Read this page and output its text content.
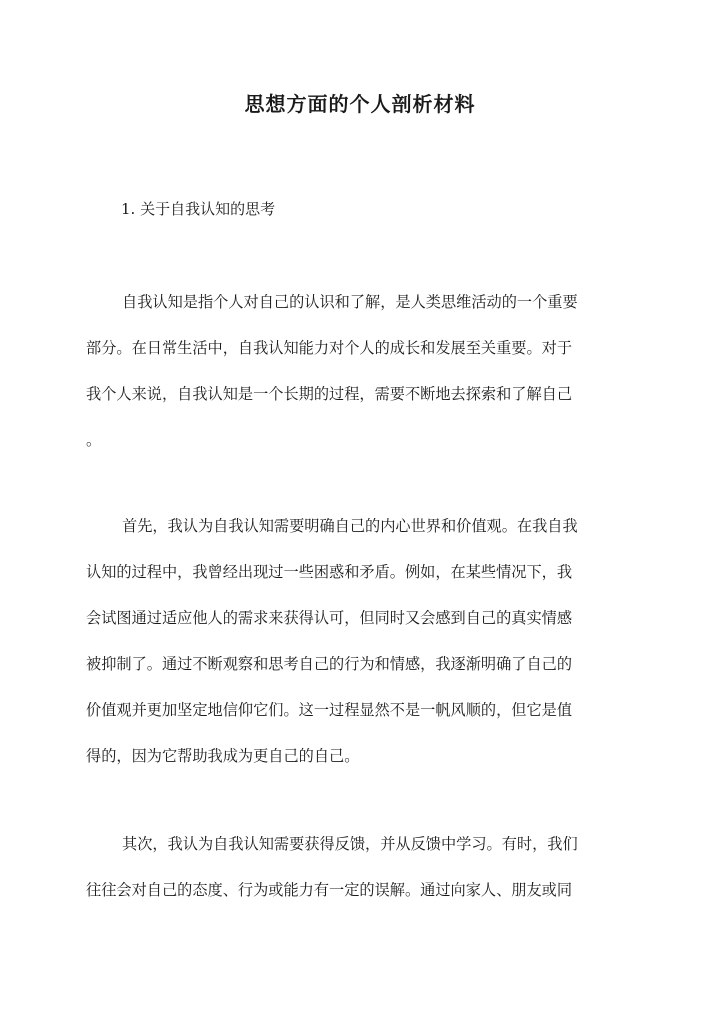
思想方面的个人剖析材料

1. 关于自我认知的思考

自我认知是指个人对自己的认识和了解，是人类思维活动的一个重要
部分。在日常生活中，自我认知能力对个人的成长和发展至关重要。对于
我个人来说，自我认知是一个长期的过程，需要不断地去探索和了解自己
。
首先，我认为自我认知需要明确自己的内心世界和价值观。在我自我
认知的过程中，我曾经出现过一些困惑和矛盾。例如，在某些情况下，我
会试图通过适应他人的需求来获得认可，但同时又会感到自己的真实情感
被抑制了。通过不断观察和思考自己的行为和情感，我逐渐明确了自己的
价值观并更加坚定地信仰它们。这一过程显然不是一帆风顺的，但它是值
得的，因为它帮助我成为更自己的自己。
其次，我认为自我认知需要获得反馈，并从反馈中学习。有时，我们
往往会对自己的态度、行为或能力有一定的误解。通过向家人、朋友或同
